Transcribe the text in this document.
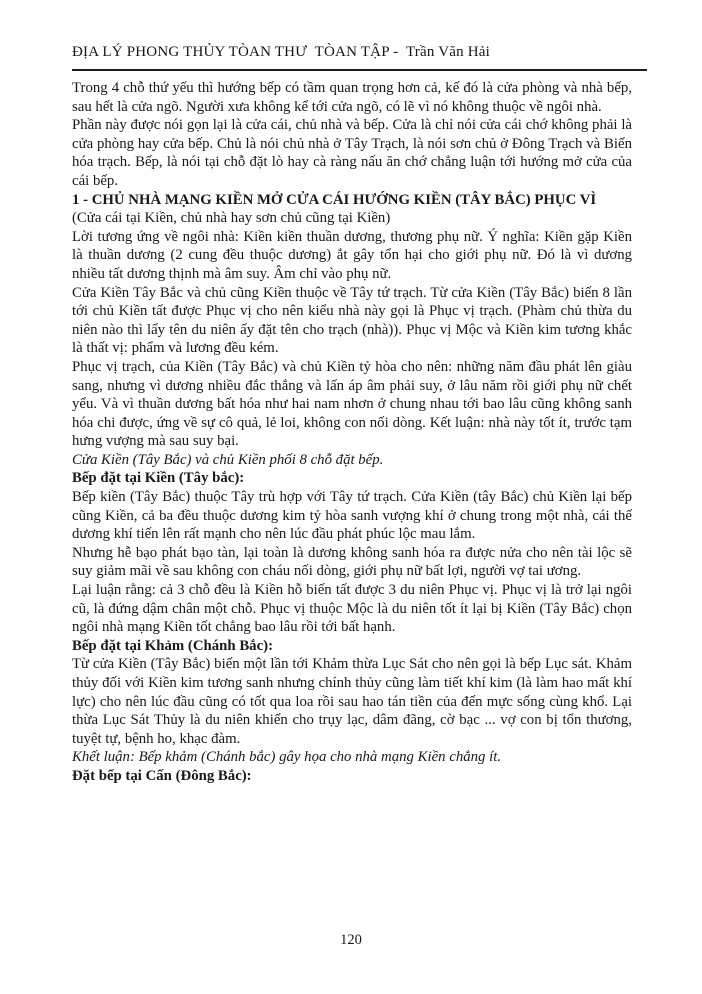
ĐỊA LÝ PHONG THỦY TÒAN THƯ  TÒAN TẬP -  Trần Văn Hải

Trong 4 chỗ thứ yếu thì hướng bếp có tầm quan trọng hơn cả, kế đó là cửa phòng và nhà bếp, sau hết là cửa ngõ. Người xưa không kể tới cửa ngõ, có lẽ vì nó không thuộc về ngôi nhà.

Phần này được nói gọn lại là cửa cái, chủ nhà và bếp. Cửa là chỉ nói cửa cái chớ không phải là cửa phòng hay cửa bếp. Chủ là nói chủ nhà ở Tây Trạch, là nói sơn chủ ở Đông Trạch và Biến hóa trạch. Bếp, là nói tại chỗ đặt lò hay cà ràng nấu ăn chớ chẳng luận tới hướng mở cửa của cái bếp.

1 - CHỦ NHÀ MẠNG KIỀN MỞ CỬA CÁI HƯỚNG KIỀN (TÂY BẮC) PHỤC VÌ

(Cửa cái tại Kiền, chủ nhà hay sơn chủ cũng tại Kiền)

Lời tương ứng về ngôi nhà: Kiền kiền thuần dương, thương phụ nữ. Ý nghĩa: Kiền gặp Kiền là thuần dương (2 cung đều thuộc dương) ắt gây tổn hại cho giới phụ nữ. Đó là vì dương nhiều tất dương thịnh mà âm suy. Âm chỉ vào phụ nữ.

Cửa Kiền Tây Bắc và chủ cũng Kiền thuộc về Tây tứ trạch. Từ cửa Kiền (Tây Bắc) biến 8 lần tới chủ Kiền tất được Phục vị cho nên kiểu nhà này gọi là Phục vị trạch. (Phàm chủ thừa du niên nào thì lấy tên du niên ấy đặt tên cho trạch (nhà)). Phục vị Mộc và Kiền kim tương khắc là thất vị: phẩm và lương đều kém.

Phục vị trạch, của Kiền (Tây Bắc) và chủ Kiền tỷ hòa cho nên: những năm đầu phát lên giàu sang, nhưng vì dương nhiều đắc thắng và lấn áp âm phải suy, ở lâu năm rồi giới phụ nữ chết yểu. Và vì thuần dương bất hóa như hai nam nhơn ở chung nhau tới bao lâu cũng không sanh hóa chi được, ứng về sự cô quả, lẻ loi, không con nối dòng. Kết luận: nhà này tốt ít, trước tạm hưng vượng mà sau suy bại.

Cửa Kiền (Tây Bắc) và chủ Kiền phối 8 chỗ đặt bếp.

Bếp đặt tại Kiền (Tây bắc):

Bếp kiền (Tây Bắc) thuộc Tây trù hợp với Tây tứ trạch. Cửa Kiền (tây Bắc) chủ Kiền lại bếp cũng Kiền, cả ba đều thuộc dương kim tỷ hòa sanh vượng khí ở chung trong một nhà, cái thế dương khí tiến lên rất mạnh cho nên lúc đầu phát phúc lộc mau lắm.

Nhưng hễ bạo phát bạo tàn, lại toàn là dương không sanh hóa ra được nửa cho nên tài lộc sẽ suy giảm mãi về sau không con cháu nối dòng, giới phụ nữ bất lợi, người vợ tai ương.

Lại luận rằng: cả 3 chỗ đều là Kiền hỗ biến tất được 3 du niên Phục vị. Phục vị là trở lại ngôi cũ, là đứng dậm chân một chỗ. Phục vị thuộc Mộc là du niên tốt ít lại bị Kiền (Tây Bắc) chọn ngôi nhà mạng Kiền tốt chẳng bao lâu rồi tới bất hạnh.

Bếp đặt tại Khảm (Chánh Bắc):

Từ cửa Kiền (Tây Bắc) biến một lần tới Khảm thừa Lục Sát cho nên gọi là bếp Lục sát. Khảm thủy đối với Kiền kim tương sanh nhưng chính thủy cũng làm tiết khí kim (là làm hao mất khí lực) cho nên lúc đầu cũng có tốt qua loa rồi sau hao tán tiền của đến mực sống cùng khổ. Lại thừa Lục Sát Thủy là du niên khiến cho trụy lạc, dâm đãng, cờ bạc ... vợ con bị tổn thương, tuyệt tự, bệnh ho, khạc đàm.

Khết luận: Bếp khảm (Chánh bắc) gây họa cho nhà mạng Kiền chẳng ít.

Đặt bếp tại Cấn (Đông Bắc):

120
